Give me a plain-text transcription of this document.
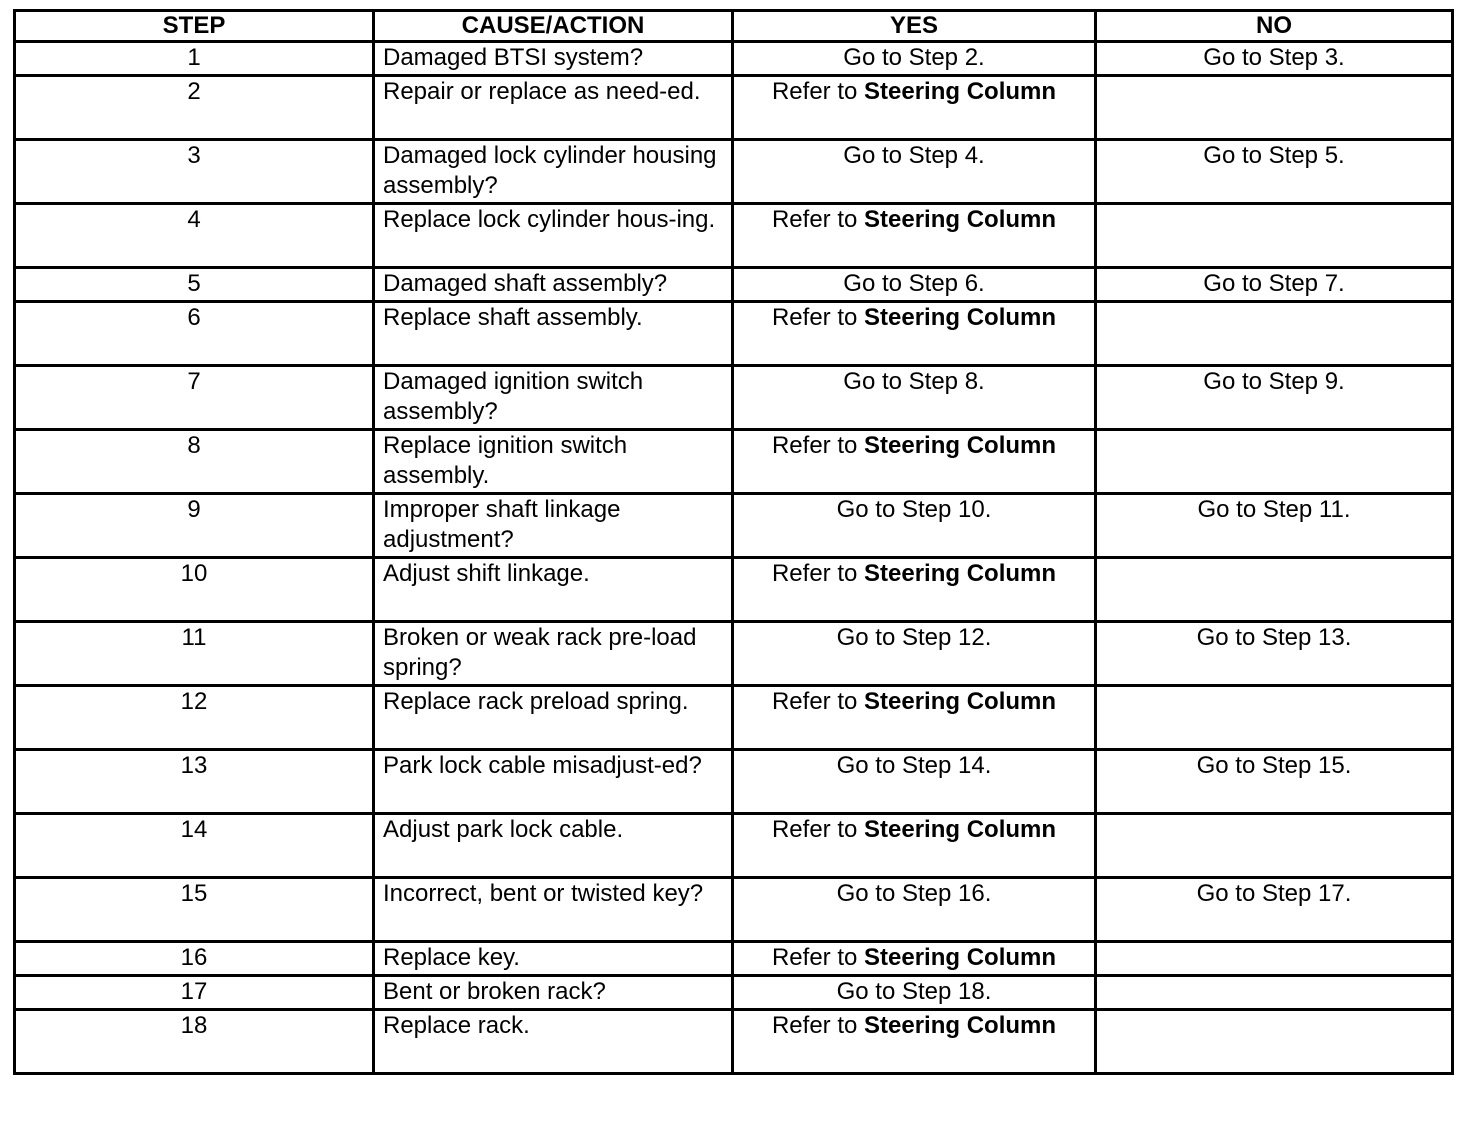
STEP	CAUSE/ACTION	YES	NO
1	Damaged BTSI system?	Go to Step 2.	Go to Step 3.
2	Repair or replace as need-ed.	Refer to Steering Column	
3	Damaged lock cylinder housing assembly?	Go to Step 4.	Go to Step 5.
4	Replace lock cylinder hous-ing.	Refer to Steering Column	
5	Damaged shaft assembly?	Go to Step 6.	Go to Step 7.
6	Replace shaft assembly.	Refer to Steering Column	
7	Damaged ignition switch assembly?	Go to Step 8.	Go to Step 9.
8	Replace ignition switch assembly.	Refer to Steering Column	
9	Improper shaft linkage adjustment?	Go to Step 10.	Go to Step 11.
10	Adjust shift linkage.	Refer to Steering Column	
11	Broken or weak rack pre-load spring?	Go to Step 12.	Go to Step 13.
12	Replace rack preload spring.	Refer to Steering Column	
13	Park lock cable misadjust-ed?	Go to Step 14.	Go to Step 15.
14	Adjust park lock cable.	Refer to Steering Column	
15	Incorrect, bent or twisted key?	Go to Step 16.	Go to Step 17.
16	Replace key.	Refer to Steering Column	
17	Bent or broken rack?	Go to Step 18.	
18	Replace rack.	Refer to Steering Column	
